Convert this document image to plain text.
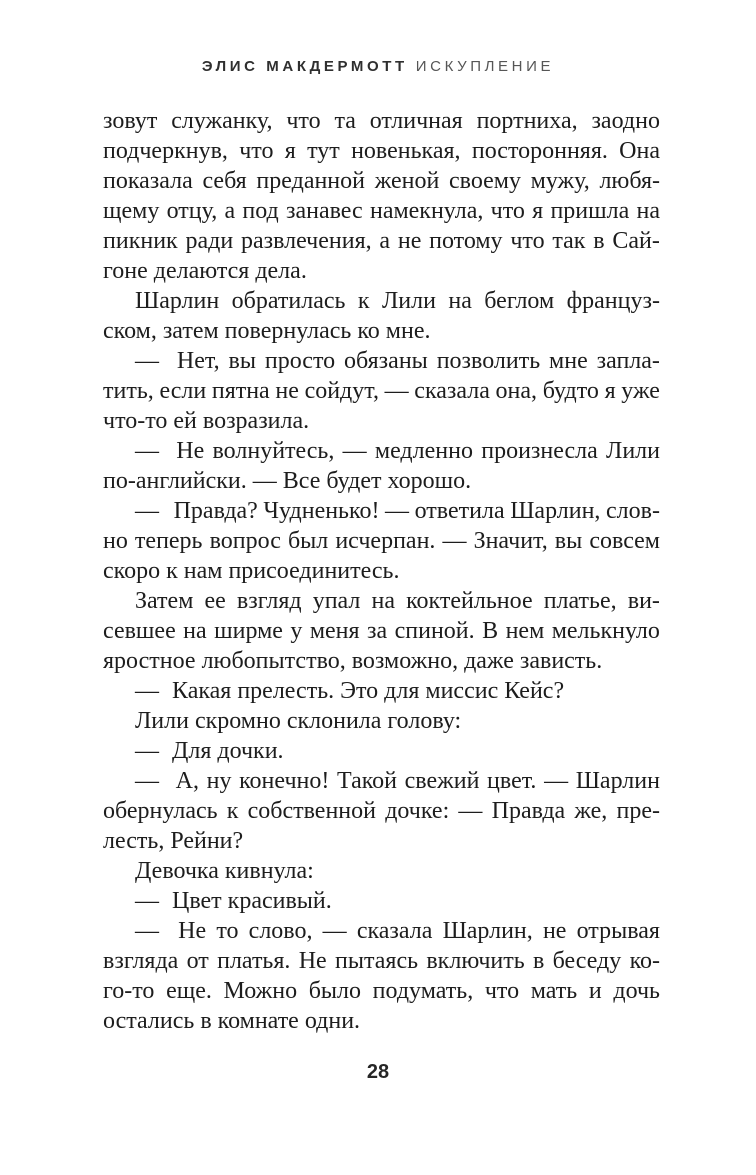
ЭЛИС МАКДЕРМОТТ ИСКУПЛЕНИЕ
зовут служанку, что та отличная портниха, заодно
подчеркнув, что я тут новенькая, посторонняя. Она
показала себя преданной женой своему мужу, любя-
щему отцу, а под занавес намекнула, что я пришла на
пикник ради развлечения, а не потому что так в Сай-
гоне делаются дела.
Шарлин обратилась к Лили на беглом француз-
ском, затем повернулась ко мне.
— Нет, вы просто обязаны позволить мне запла-
тить, если пятна не сойдут, — сказала она, будто я уже
что-то ей возразила.
— Не волнуйтесь, — медленно произнесла Лили
по-английски. — Все будет хорошо.
— Правда? Чудненько! — ответила Шарлин, слов-
но теперь вопрос был исчерпан. — Значит, вы совсем
скоро к нам присоединитесь.
Затем ее взгляд упал на коктейльное платье, ви-
севшее на ширме у меня за спиной. В нем мелькнуло
яростное любопытство, возможно, даже зависть.
— Какая прелесть. Это для миссис Кейс?
Лили скромно склонила голову:
— Для дочки.
— А, ну конечно! Такой свежий цвет. — Шарлин
обернулась к собственной дочке: — Правда же, пре-
лесть, Рейни?
Девочка кивнула:
— Цвет красивый.
— Не то слово, — сказала Шарлин, не отрывая
взгляда от платья. Не пытаясь включить в беседу ко-
го-то еще. Можно было подумать, что мать и дочь
остались в комнате одни.
28
